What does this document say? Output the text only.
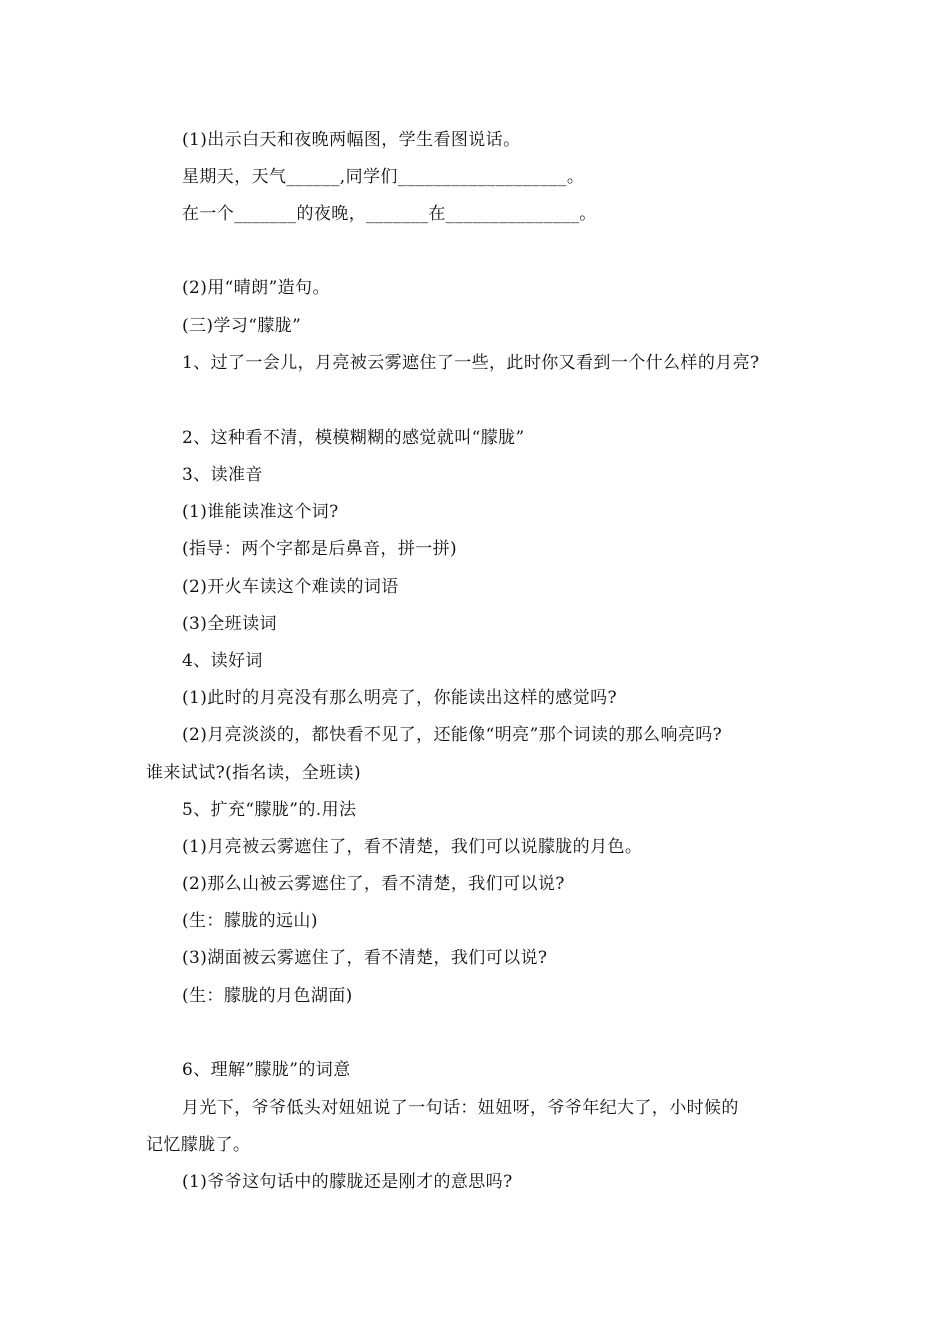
(1)出示白天和夜晚两幅图，学生看图说话。
星期天，天气______,同学们___________________。
在一个_______的夜晚，_______在_______________。
(2)用“晴朗”造句。
(三)学习“朦胧”
1、过了一会儿，月亮被云雾遮住了一些，此时你又看到一个什么样的月亮?
2、这种看不清，模模糊糊的感觉就叫“朦胧”
3、读准音
(1)谁能读准这个词?
(指导：两个字都是后鼻音，拼一拼)
(2)开火车读这个难读的词语
(3)全班读词
4、读好词
(1)此时的月亮没有那么明亮了，你能读出这样的感觉吗?
(2)月亮淡淡的，都快看不见了，还能像“明亮”那个词读的那么响亮吗?
谁来试试?(指名读，全班读)
5、扩充“朦胧”的.用法
(1)月亮被云雾遮住了，看不清楚，我们可以说朦胧的月色。
(2)那么山被云雾遮住了，看不清楚，我们可以说?
(生：朦胧的远山)
(3)湖面被云雾遮住了，看不清楚，我们可以说?
(生：朦胧的月色湖面)
6、理解”朦胧”的词意
月光下，爷爷低头对妞妞说了一句话：妞妞呀，爷爷年纪大了，小时候的
记忆朦胧了。
(1)爷爷这句话中的朦胧还是刚才的意思吗?
